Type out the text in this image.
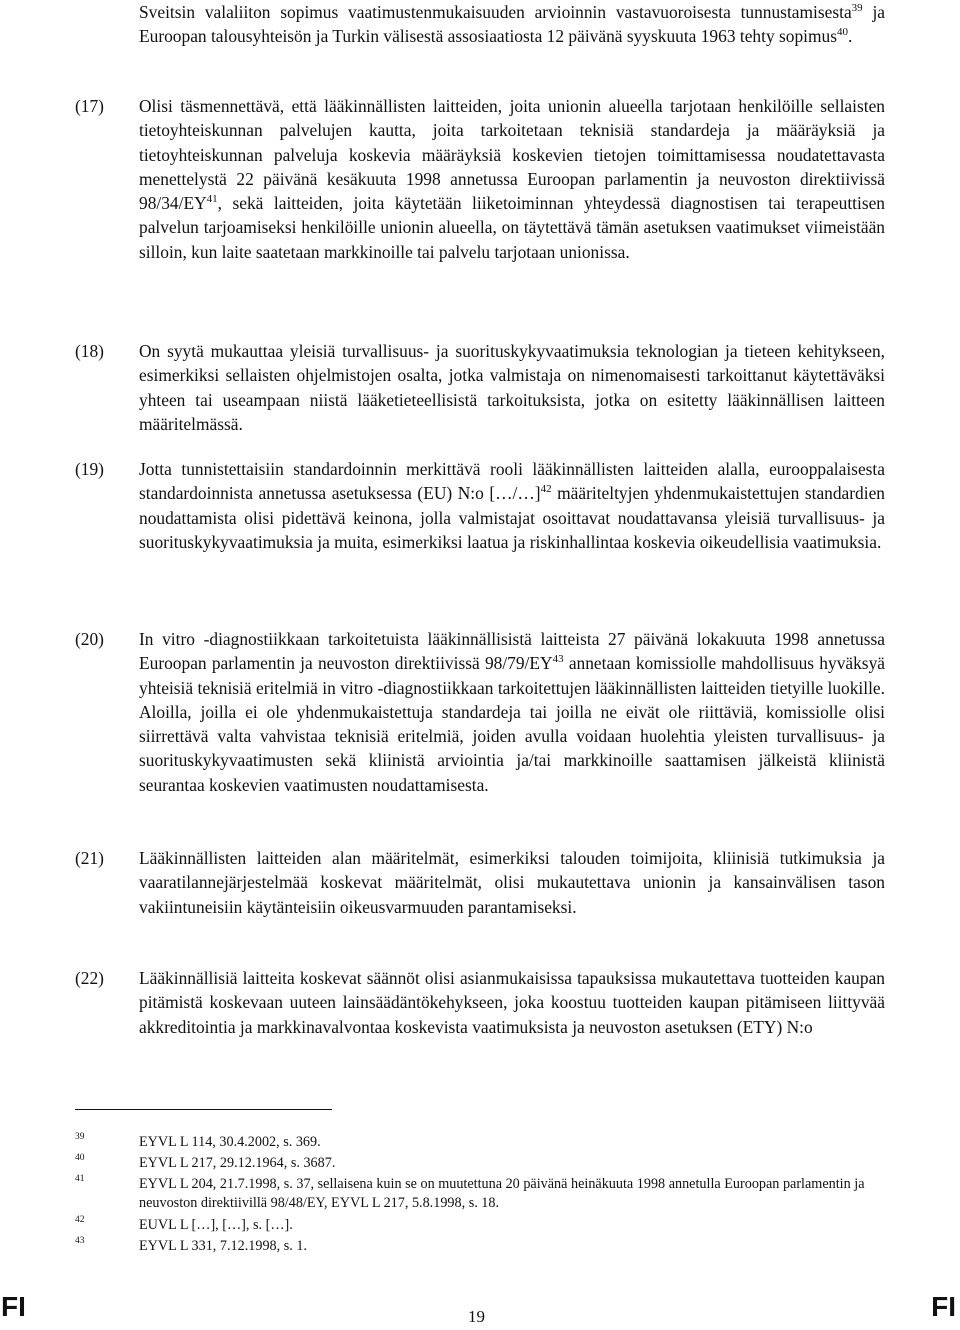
Sveitsin valaliiton sopimus vaatimustenmukaisuuden arvioinnin vastavuoroisesta tunnustamisesta$^{39}$ ja Euroopan talousyhteisön ja Turkin välisestä assosiaatiosta 12 päivänä syyskuuta 1963 tehty sopimus$^{40}$.

(17) Olisi täsmennettävä, että lääkinnällisten laitteiden, joita unionin alueella tarjotaan henkilöille sellaisten tietoyhteiskunnan palvelujen kautta, joita tarkoitetaan teknisiä standardeja ja määräyksiä ja tietoyhteiskunnan palveluja koskevia määräyksiä koskevien tietojen toimittamisessa noudatettavasta menettelystä 22 päivänä kesäkuuta 1998 annetussa Euroopan parlamentin ja neuvoston direktiivissä 98/34/EY$^{41}$, sekä laitteiden, joita käytetään liiketoiminnan yhteydessä diagnostisen tai terapeuttisen palvelun tarjoamiseksi henkilöille unionin alueella, on täytettävä tämän asetuksen vaatimukset viimeistään silloin, kun laite saatetaan markkinoille tai palvelu tarjotaan unionissa.

(18) On syytä mukauttaa yleisiä turvallisuus- ja suorituskykyvaatimuksia teknologian ja tieteen kehitykseen, esimerkiksi sellaisten ohjelmistojen osalta, jotka valmistaja on nimenomaisesti tarkoittanut käytettäväksi yhteen tai useampaan niistä lääketieteellisistä tarkoituksista, jotka on esitetty lääkinnällisen laitteen määritelmässä.

(19) Jotta tunnistettaisiin standardoinnin merkittävä rooli lääkinnällisten laitteiden alalla, eurooppalaisesta standardoinnista annetussa asetuksessa (EU) N:o […/…]$^{42}$ määriteltyjen yhdenmukaistettujen standardien noudattamista olisi pidettävä keinona, jolla valmistajat osoittavat noudattavansa yleisiä turvallisuus- ja suorituskykyvaatimuksia ja muita, esimerkiksi laatua ja riskinhallintaa koskevia oikeudellisia vaatimuksia.

(20) In vitro -diagnostiikkaan tarkoitetuista lääkinnällisistä laitteista 27 päivänä lokakuuta 1998 annetussa Euroopan parlamentin ja neuvoston direktiivissä 98/79/EY$^{43}$ annetaan komissiolle mahdollisuus hyväksyä yhteisiä teknisiä eritelmiä in vitro -diagnostiikkaan tarkoitettujen lääkinnällisten laitteiden tietyille luokille. Aloilla, joilla ei ole yhdenmukaistettuja standardeja tai joilla ne eivät ole riittäviä, komissiolle olisi siirrettävä valta vahvistaa teknisiä eritelmiä, joiden avulla voidaan huolehtia yleisten turvallisuus- ja suorituskykyvaatimusten sekä kliinistä arviointia ja/tai markkinoille saattamisen jälkeistä kliinistä seurantaa koskevien vaatimusten noudattamisesta.

(21) Lääkinnällisten laitteiden alan määritelmät, esimerkiksi talouden toimijoita, kliinisiä tutkimuksia ja vaaratilannejärjestelmää koskevat määritelmät, olisi mukautettava unionin ja kansainvälisen tason vakiintuneisiin käytänteisiin oikeusvarmuuden parantamiseksi.

(22) Lääkinnällisiä laitteita koskevat säännöt olisi asianmukaisissa tapauksissa mukautettava tuotteiden kaupan pitämistä koskevaan uuteen lainsäädäntökehykseen, joka koostuu tuotteiden kaupan pitämiseen liittyvää akkreditointia ja markkinavalvontaa koskevista vaatimuksista ja neuvoston asetuksen (ETY) N:o

39	EYVL L 114, 30.4.2002, s. 369.
40	EYVL L 217, 29.12.1964, s. 3687.
41	EYVL L 204, 21.7.1998, s. 37, sellaisena kuin se on muutettuna 20 päivänä heinäkuuta 1998 annetulla Euroopan parlamentin ja neuvoston direktiivillä 98/48/EY, EYVL L 217, 5.8.1998, s. 18.
42	EUVL L […], […], s. […].
43	EYVL L 331, 7.12.1998, s. 1.
FI	19	FI
